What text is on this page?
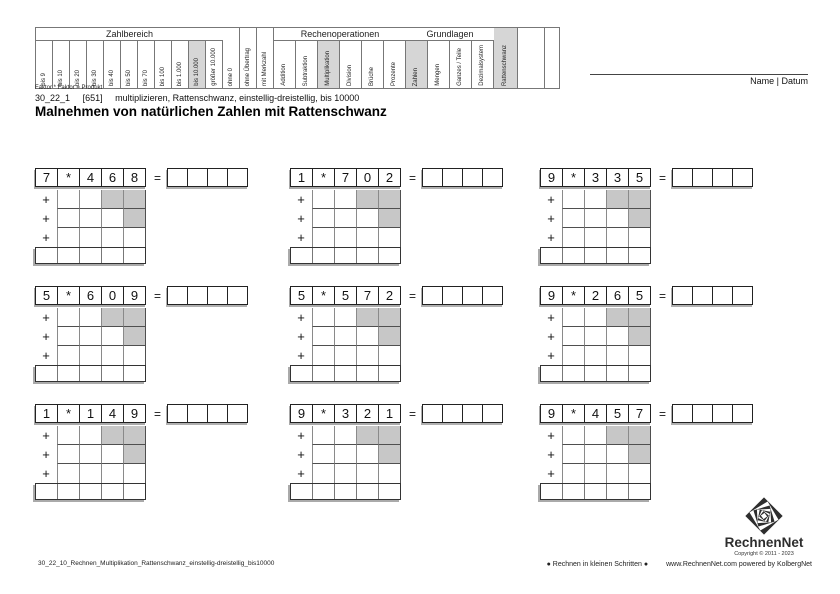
Zahlbereich
bis 9 bis 10 bis 20 bis 30 bis 40 bis 50 bis 70 bis 100 bis 1.000 bis 10.000 größer 10.000 ohne 0 ohne Übertrag mit Merkzahl
Rechenoperationen
Addition	Subtraktion	Multiplikation	Division	Brüche	Prozente
Grundlagen
Zahlen	Mengen	Ganzes / Teile	Dezimalsystem	Rattenschwanz	Name | Datum
Faktor * Faktor = Produkt
30_22_1 [651] multiplizieren, Rattenschwanz, einstellig-dreistellig, bis 10000
Malnehmen von natürlichen Zahlen mit Rattenschwanz
7	*	4	6	8	=
+
+
+
1	*	7	0	2	=
+
+
+
9	*	3	3	5	=
+
+
+
5	*	6	0	9	=
+
+
+
5	*	5	7	2	=
+
+
+
9	*	2	6	5	=
+
+
+
1	*	1	4	9	=
+
+
+
9	*	3	2	1	=
+
+
+
9	*	4	5	7	=
+
+
+
30_22_10_Rechnen_Multiplikation_Rattenschwanz_einstellig-dreistellig_bis10000	● Rechnen in kleinen Schritten ●	www.RechnenNet.com powered by KolbergNet
RechnenNet
Copyright © 2011 - 2023
